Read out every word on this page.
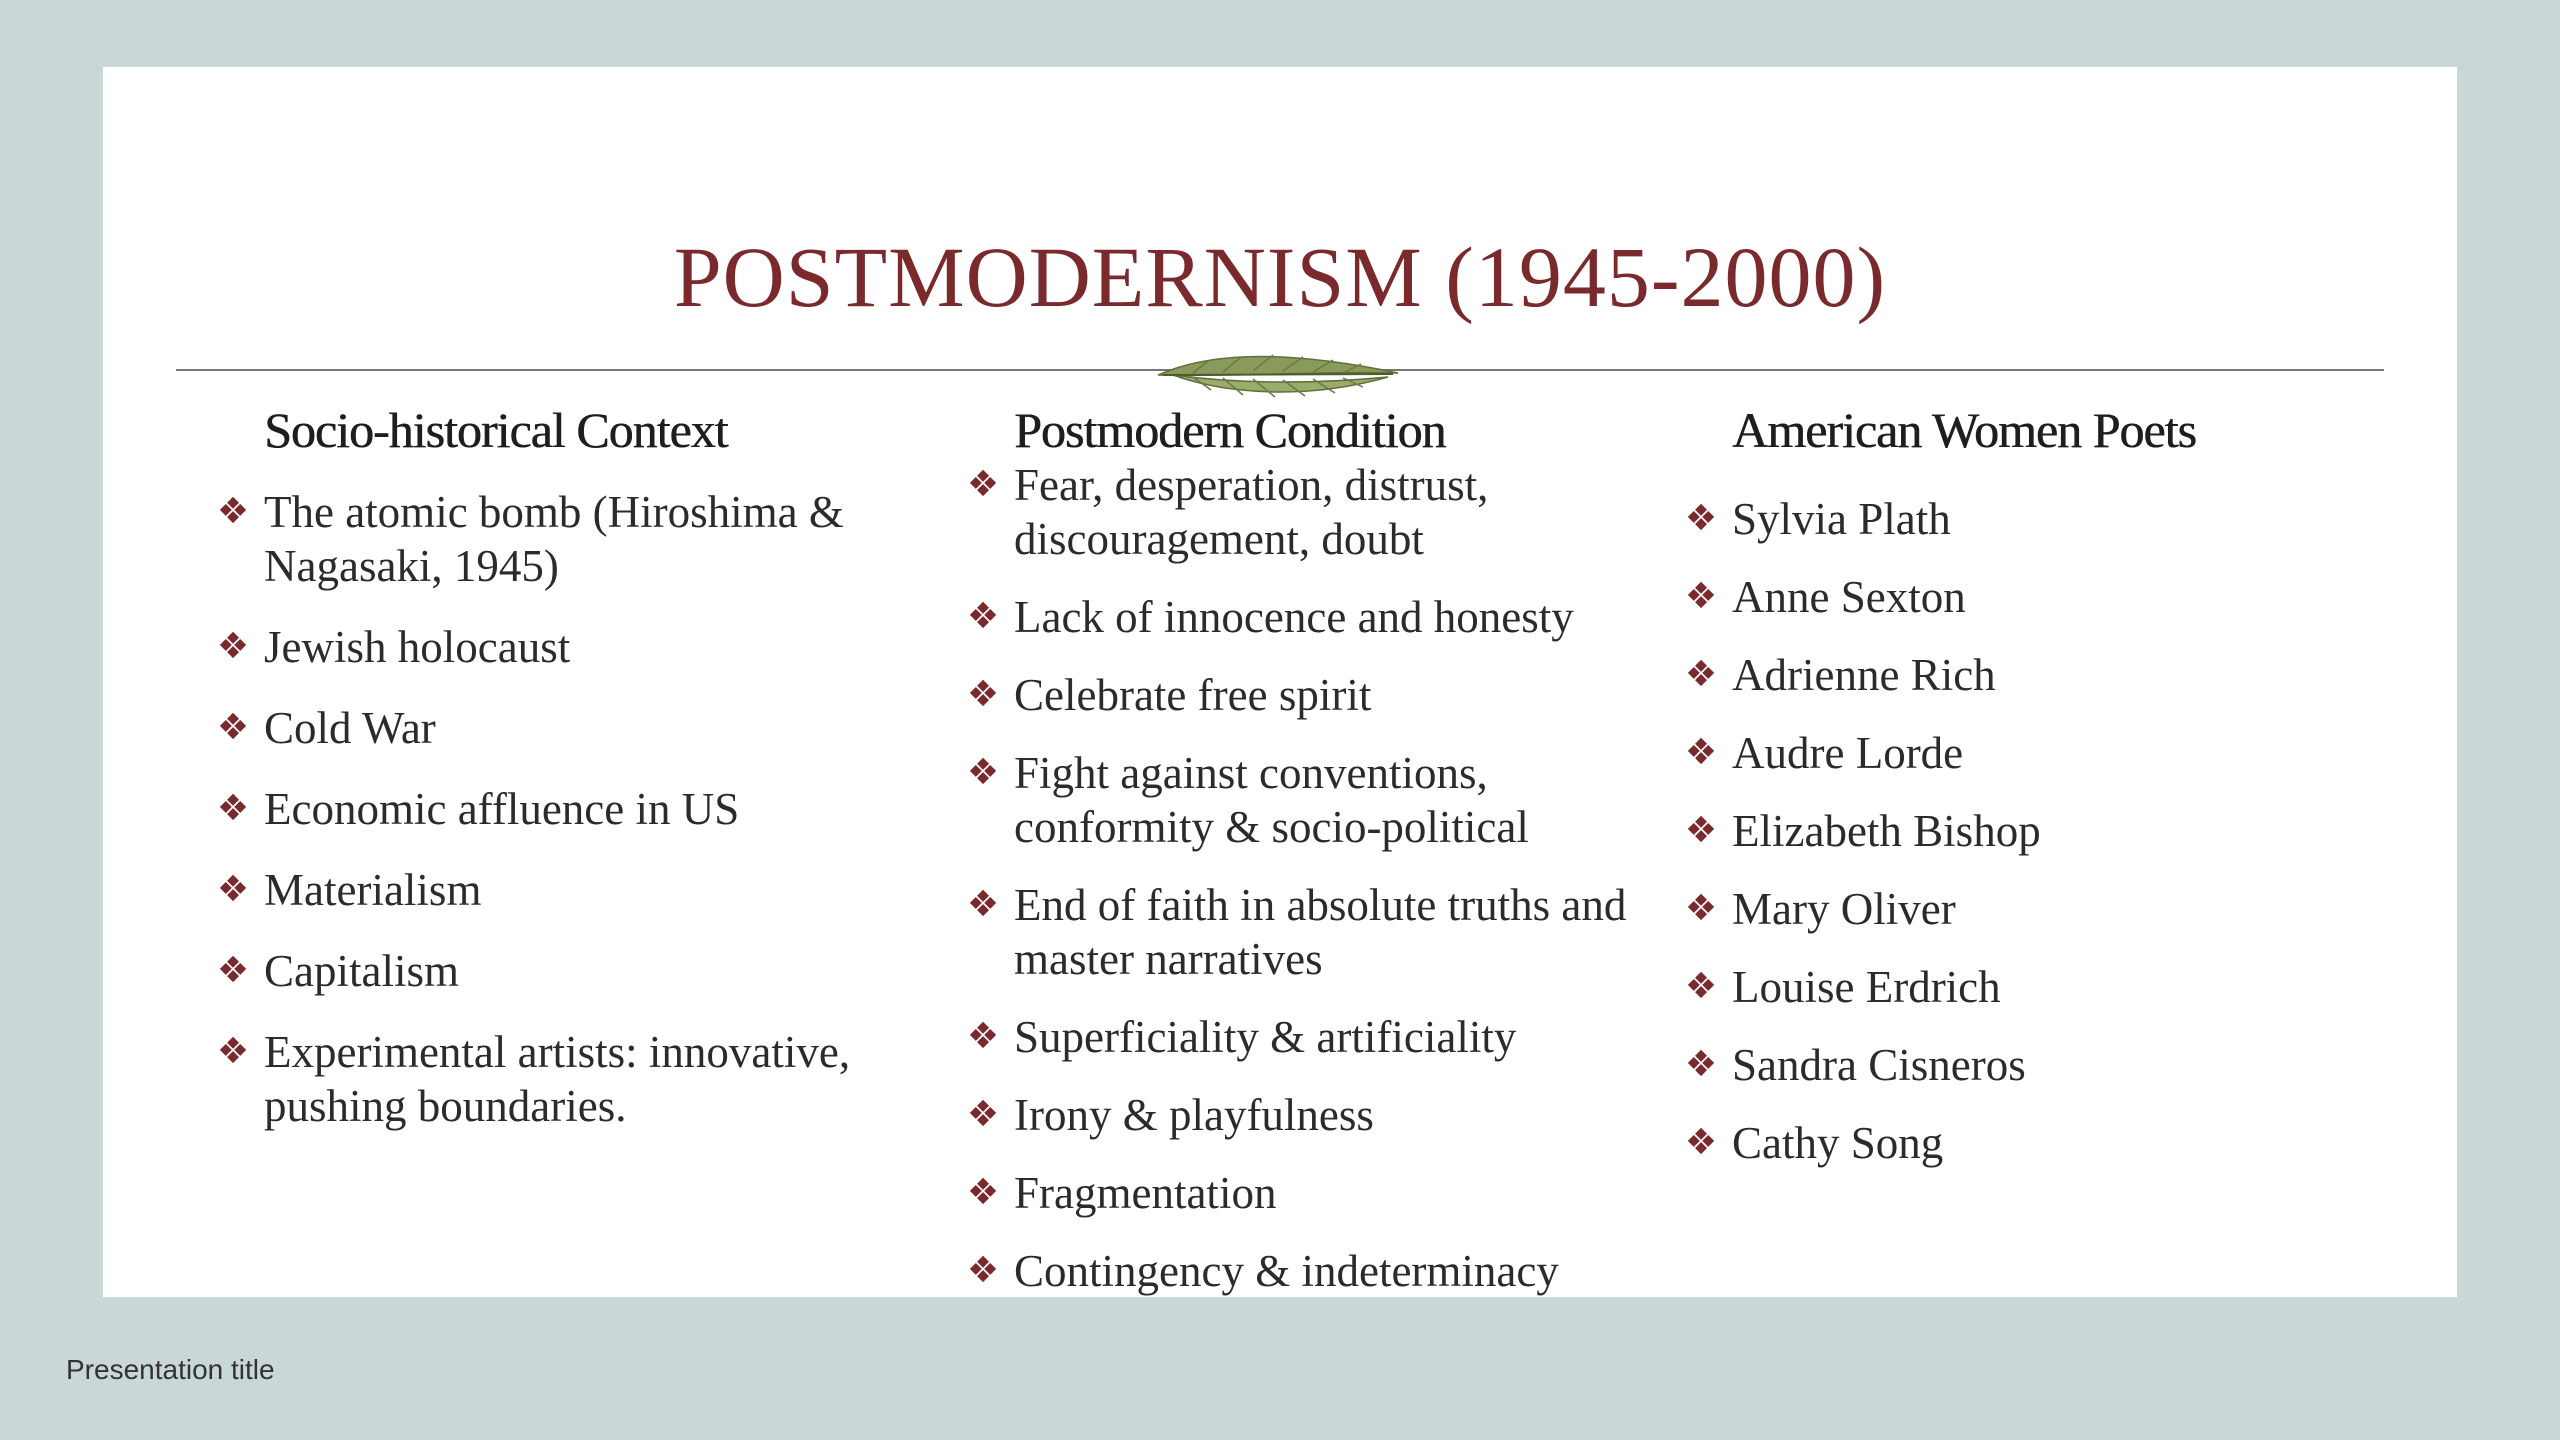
POSTMODERNISM (1945-2000)
Socio-historical Context
❖ The atomic bomb (Hiroshima & Nagasaki, 1945)
❖ Jewish holocaust
❖ Cold War
❖ Economic affluence in US
❖ Materialism
❖ Capitalism
❖ Experimental artists: innovative, pushing boundaries.
Postmodern Condition
❖ Fear, desperation, distrust, discouragement, doubt
❖ Lack of innocence and honesty
❖ Celebrate free spirit
❖ Fight against conventions, conformity & socio-political
❖ End of faith in absolute truths and master narratives
❖ Superficiality & artificiality
❖ Irony & playfulness
❖ Fragmentation
❖ Contingency & indeterminacy
American Women Poets
❖ Sylvia Plath
❖ Anne Sexton
❖ Adrienne Rich
❖ Audre Lorde
❖ Elizabeth Bishop
❖ Mary Oliver
❖ Louise Erdrich
❖ Sandra Cisneros
❖ Cathy Song
Presentation title
